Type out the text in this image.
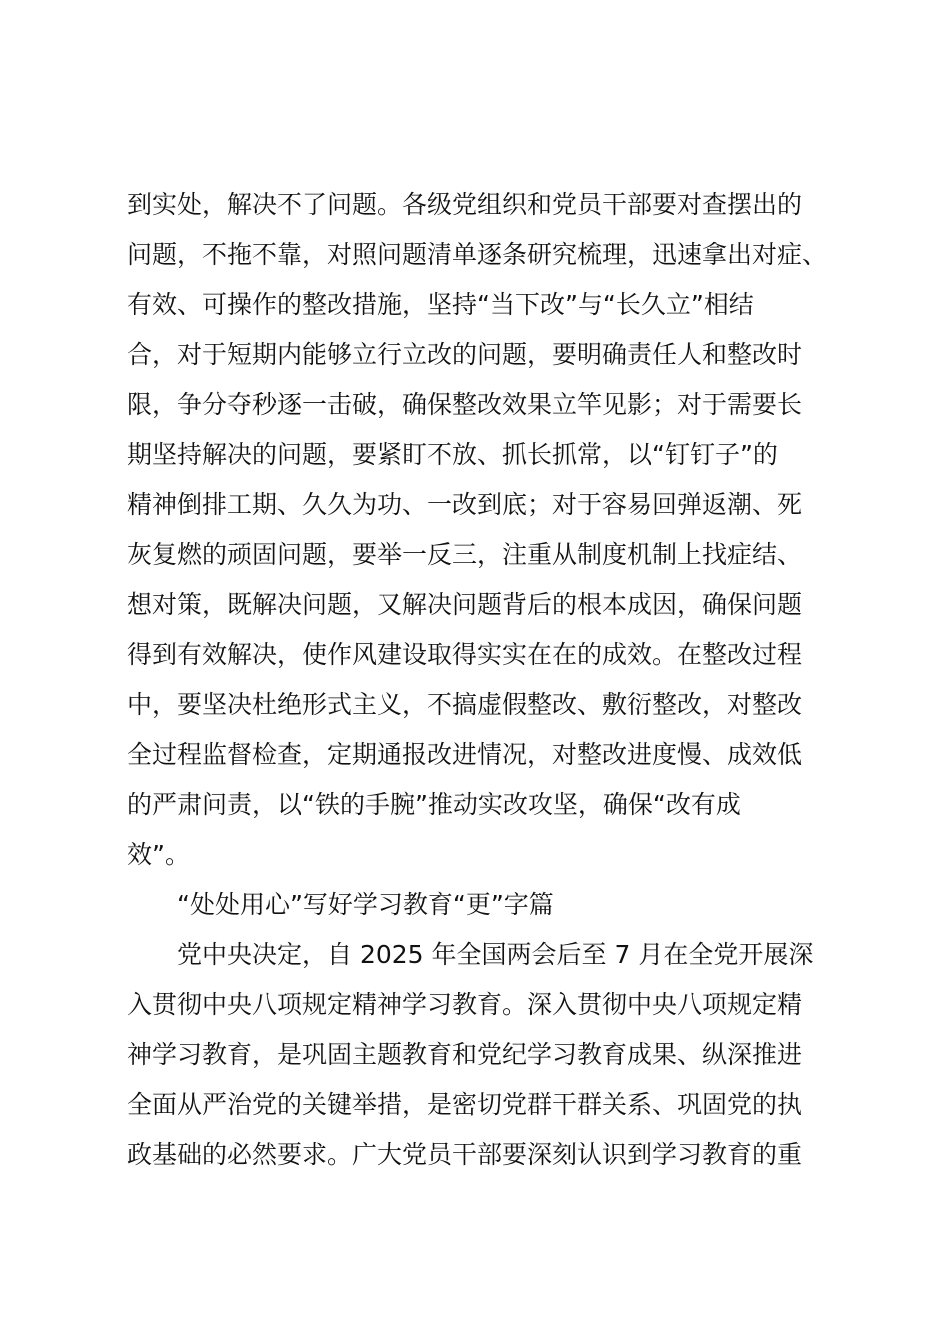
到实处，解决不了问题。各级党组织和党员干部要对查摆出的
问题，不拖不靠，对照问题清单逐条研究梳理，迅速拿出对症、
有效、可操作的整改措施，坚持“当下改”与“长久立”相结
合，对于短期内能够立行立改的问题，要明确责任人和整改时
限，争分夺秒逐一击破，确保整改效果立竿见影；对于需要长
期坚持解决的问题，要紧盯不放、抓长抓常，以“钉钉子”的
精神倒排工期、久久为功、一改到底；对于容易回弹返潮、死
灰复燃的顽固问题，要举一反三，注重从制度机制上找症结、
想对策，既解决问题，又解决问题背后的根本成因，确保问题
得到有效解决，使作风建设取得实实在在的成效。在整改过程
中，要坚决杜绝形式主义，不搞虚假整改、敷衍整改，对整改
全过程监督检查，定期通报改进情况，对整改进度慢、成效低
的严肃问责，以“铁的手腕”推动实改攻坚，确保“改有成
效”。
“处处用心”写好学习教育“更”字篇
党中央决定，自 2025 年全国两会后至 7 月在全党开展深
入贯彻中央八项规定精神学习教育。深入贯彻中央八项规定精
神学习教育，是巩固主题教育和党纪学习教育成果、纵深推进
全面从严治党的关键举措，是密切党群干群关系、巩固党的执
政基础的必然要求。广大党员干部要深刻认识到学习教育的重
